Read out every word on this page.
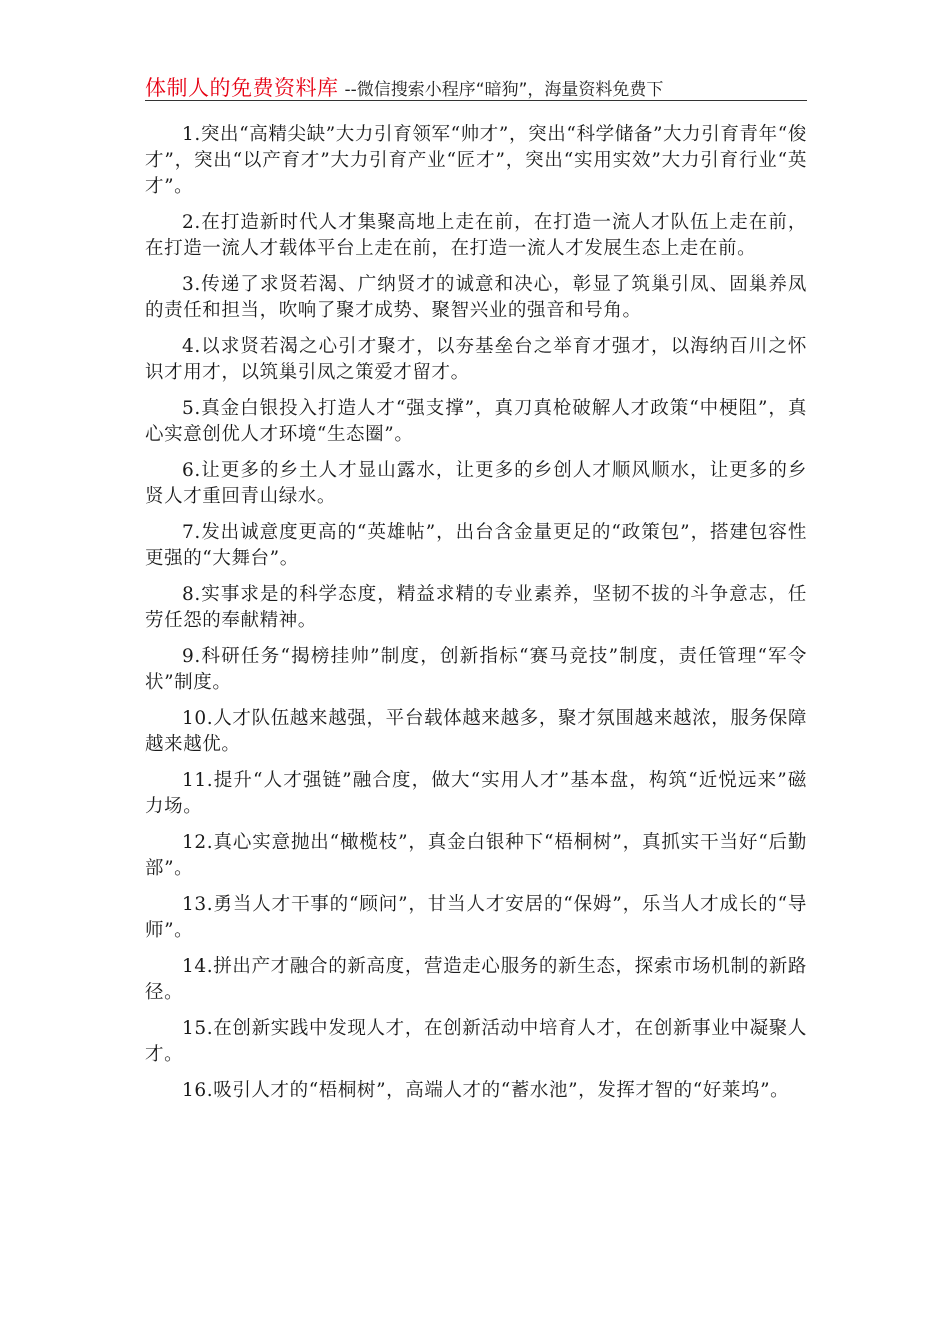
体制人的免费资料库 --微信搜索小程序“暗狗”，海量资料免费下

1.突出“高精尖缺”大力引育领军“帅才”，突出“科学储备”大力引育青年“俊才”，突出“以产育才”大力引育产业“匠才”，突出“实用实效”大力引育行业“英才”。

2.在打造新时代人才集聚高地上走在前，在打造一流人才队伍上走在前，在打造一流人才载体平台上走在前，在打造一流人才发展生态上走在前。

3.传递了求贤若渴、广纳贤才的诚意和决心，彰显了筑巢引凤、固巢养凤的责任和担当，吹响了聚才成势、聚智兴业的强音和号角。

4.以求贤若渴之心引才聚才，以夯基垒台之举育才强才，以海纳百川之怀识才用才，以筑巢引凤之策爱才留才。

5.真金白银投入打造人才“强支撑”，真刀真枪破解人才政策“中梗阻”，真心实意创优人才环境“生态圈”。

6.让更多的乡土人才显山露水，让更多的乡创人才顺风顺水，让更多的乡贤人才重回青山绿水。

7.发出诚意度更高的“英雄帖”，出台含金量更足的“政策包”，搭建包容性更强的“大舞台”。

8.实事求是的科学态度，精益求精的专业素养，坚韧不拔的斗争意志，任劳任怨的奉献精神。

9.科研任务“揭榜挂帅”制度，创新指标“赛马竞技”制度，责任管理“军令状”制度。

10.人才队伍越来越强，平台载体越来越多，聚才氛围越来越浓，服务保障越来越优。

11.提升“人才强链”融合度，做大“实用人才”基本盘，构筑“近悦远来”磁力场。

12.真心实意抛出“橄榄枝”，真金白银种下“梧桐树”，真抓实干当好“后勤部”。

13.勇当人才干事的“顾问”，甘当人才安居的“保姆”，乐当人才成长的“导师”。

14.拼出产才融合的新高度，营造走心服务的新生态，探索市场机制的新路径。

15.在创新实践中发现人才，在创新活动中培育人才，在创新事业中凝聚人才。

16.吸引人才的“梧桐树”，高端人才的“蓄水池”，发挥才智的“好莱坞”。
